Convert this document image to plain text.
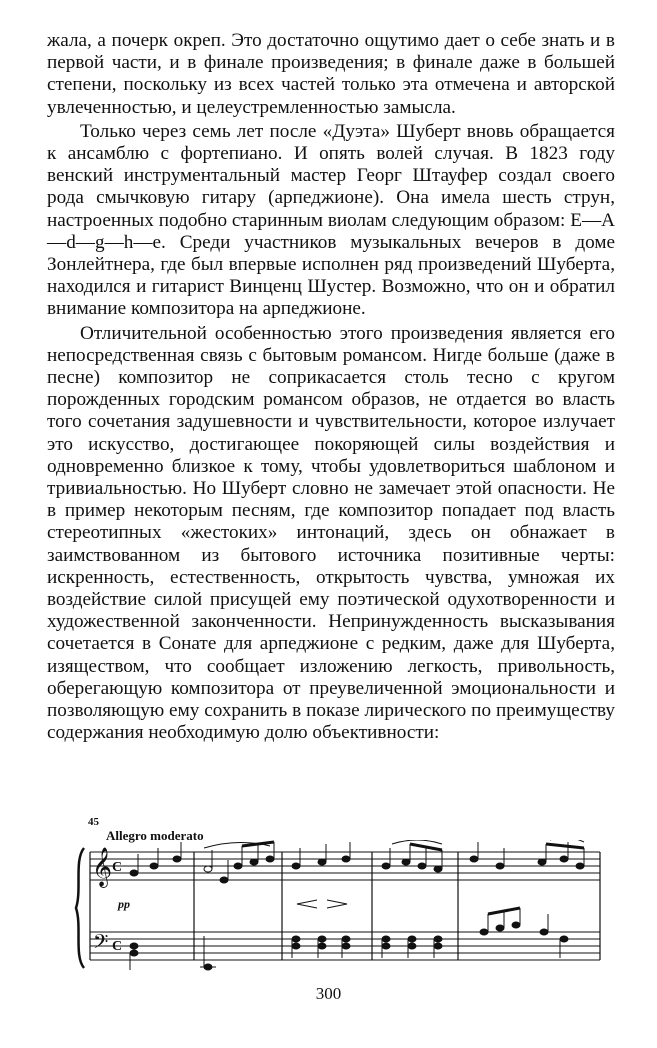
жала, а почерк окреп. Это достаточно ощутимо дает о себе знать и в первой части, и в финале произведения; в финале даже в большей степени, поскольку из всех частей только эта отмечена и авторской увлеченностью, и целеустремленностью замысла.

Только через семь лет после «Дуэта» Шуберт вновь обращается к ансамблю с фортепиано. И опять волей случая. В 1823 году венский инструментальный мастер Георг Штауфер создал своего рода смычковую гитару (арпеджионе). Она имела шесть струн, настроенных подобно старинным виолам следующим образом: E—A—d—g—h—e. Среди участников музыкальных вечеров в доме Зонлейтнера, где был впервые исполнен ряд произведений Шуберта, находился и гитарист Винценц Шустер. Возможно, что он и обратил внимание композитора на арпеджионе.

Отличительной особенностью этого произведения является его непосредственная связь с бытовым романсом. Нигде больше (даже в песне) композитор не соприкасается столь тесно с кругом порожденных городским романсом образов, не отдается во власть того сочетания задушевности и чувствительности, которое излучает это искусство, достигающее покоряющей силы воздействия и одновременно близкое к тому, чтобы удовлетвориться шаблоном и тривиальностью. Но Шуберт словно не замечает этой опасности. Не в пример некоторым песням, где композитор попадает под власть стереотипных «жестоких» интонаций, здесь он обнажает в заимствованном из бытового источника позитивные черты: искренность, естественность, открытость чувства, умножая их воздействие силой присущей ему поэтической одухотворенности и художественной законченности. Непринужденность высказывания сочетается в Сонате для арпеджионе с редким, даже для Шуберта, изяществом, что сообщает изложению легкость, привольность, оберегающую композитора от преувеличенной эмоциональности и позволяющую ему сохранить в показе лирического по преимуществу содержания необходимую долю объективности:

45
Allegro moderato
𝄞
𝄢
C
C
pp
300
